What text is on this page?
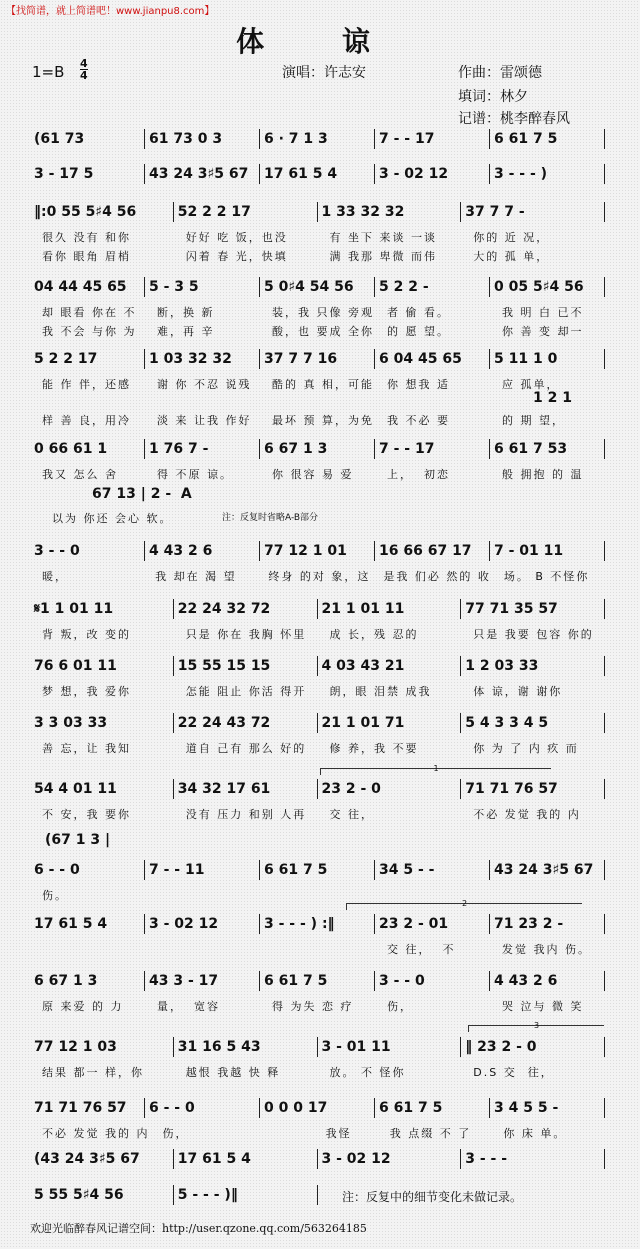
【找简谱，就上简谱吧！www.jianpu8.com】
体 谅
1=B 4
4	演唱：许志安	作曲：雷颂德
填词：林夕
记谱：桃李醉春风
(61 73	61 73 0 3	6 · 7 1 3	7 - - 17	6 61 7 5
3 - 17 5	43 24 3♯5 67	17 61 5 4	3 - 02 12	3 - - - )
‖:0 55 5♯4 56	52 2 2 17	1 33 32 32	37 7 7 -
很久 没有 和你	好好 吃 饭，也没	有 坐下 来谈 一谈	你的 近 况，
看你 眼角 眉梢	闪着 春 光，快填	满 我那 卑微 而伟	大的 孤 单，
04 44 45 65	5 - 3 5	5 0♯4 54 56	5 2 2 -	0 05 5♯4 56
却 眼看 你在 不	断，换 新	装，我 只像 旁观	者 偷 看。	我 明 白 已不
我 不会 与你 为	难，再 辛	酸，也 要成 全你	的 愿 望。	你 善 变 却一
5 2 2 17	1 03 32 32	37 7 7 16	6 04 45 65	5 11 1 0
能 作 伴，还感	谢 你 不忍 说残	酷的 真 相，可能	你 想我 适	应 孤单，
样 善 良，用冷	淡 来 让我 作好	最坏 预 算，为免	我 不必 要	的 期 望，
0 66 61 1	1 76 7 -	6 67 1 3	7 - - 17	6 61 7 53
我又 怎么 舍	得 不原 谅。	你 很容 易 爱	上，  初恋	般 拥抱 的 温
3 - - 0	4 43 2 6	77 12 1 01	16 66 67 17	7 - 01 11
暖，	我 却在 渴 望	终身 的对 象，这	是我 们必 然的 收	场。 B 不怪你
𝄋1 1 01 11	22 24 32 72	21 1 01 11	77 71 35 57
背 叛，改 变的	只是 你在 我胸 怀里	成 长，残 忍的	只是 我要 包容 你的
76 6 01 11	15 55 15 15	4 03 43 21	1 2 03 33
梦 想，我 爱你	怎能 阻止 你活 得开	朗，眼 泪禁 成我	体 谅，谢 谢你
3 3 03 33	22 24 43 72	21 1 01 71	5 4 3 3 4 5
善 忘，让 我知	道自 己有 那么 好的	修 养，我 不要	你 为 了 内 疚 而
54 4 01 11	34 32 17 61	23 2 - 0	71 71 76 57
不 安，我 要你	没有 压力 和别 人再	交 往，	不必 发觉 我的 内
6 - - 0	7 - - 11	6 61 7 5	34 5 - -	43 24 3♯5 67
伤。
17 61 5 4	3 - 02 12	3 - - - ) :‖	23 2 - 01	71 23 2 -
交 往，  不	发觉 我内 伤。
6 67 1 3	43 3 - 17	6 61 7 5	3 - - 0	4 43 2 6
原 来爱 的 力	量，  宽容	得 为失 恋 疗	伤，	哭 泣与 微 笑
77 12 1 03	31 16 5 43	3 - 01 11	‖ 23 2 - 0
结果 都一 样，你	越恨 我越 快 释	放。 不 怪你	D.S 交  往，
71 71 76 57	6 - - 0	0 0 0 17	6 61 7 5	3 4 5 5 -
不必 发觉 我的 内	伤，	我怪	我 点缀 不 了	你 床 单。
(43 24 3♯5 67	17 61 5 4	3 - 02 12	3 - - -
5 55 5♯4 56	5 - - - )‖
1 2 1
67 13 | 2 -  A
以为 你还 会心 软。	注：反复时省略A-B部分
(67 1 3 |
1
2
3
注：反复中的细节变化未做记录。
欢迎光临醉春风记谱空间：http://user.qzone.qq.com/563264185
